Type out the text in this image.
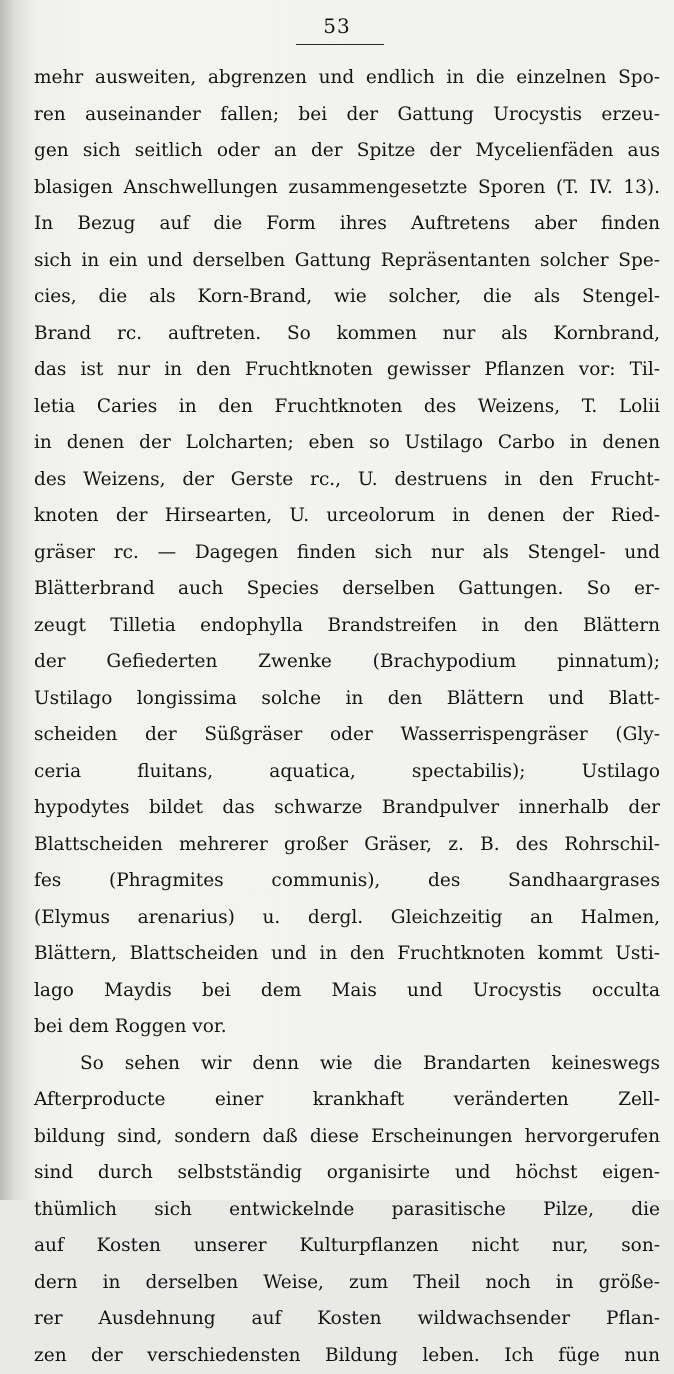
53
mehr ausweiten, abgrenzen und endlich in die einzelnen Spo-
ren auseinander fallen; bei der Gattung Urocystis erzeu-
gen sich seitlich oder an der Spitze der Mycelienfäden aus
blasigen Anschwellungen zusammengesetzte Sporen (T. IV. 13).
In Bezug auf die Form ihres Auftretens aber finden
sich in ein und derselben Gattung Repräsentanten solcher Spe-
cies, die als Korn-Brand, wie solcher, die als Stengel-
Brand rc. auftreten. So kommen nur als Kornbrand,
das ist nur in den Fruchtknoten gewisser Pflanzen vor: Til-
letia Caries in den Fruchtknoten des Weizens, T. Lolii
in denen der Lolcharten; eben so Ustilago Carbo in denen
des Weizens, der Gerste rc., U. destruens in den Frucht-
knoten der Hirsearten, U. urceolorum in denen der Ried-
gräser rc. — Dagegen finden sich nur als Stengel- und
Blätterbrand auch Species derselben Gattungen. So er-
zeugt Tilletia endophylla Brandstreifen in den Blättern
der Gefiederten Zwenke (Brachypodium pinnatum);
Ustilago longissima solche in den Blättern und Blatt-
scheiden der Süßgräser oder Wasserrispengräser (Gly-
ceria fluitans, aquatica, spectabilis); Ustilago
hypodytes bildet das schwarze Brandpulver innerhalb der
Blattscheiden mehrerer großer Gräser, z. B. des Rohrschil-
fes (Phragmites communis), des Sandhaargrases
(Elymus arenarius) u. dergl. Gleichzeitig an Halmen,
Blättern, Blattscheiden und in den Fruchtknoten kommt Usti-
lago Maydis bei dem Mais und Urocystis occulta
bei dem Roggen vor.
So sehen wir denn wie die Brandarten keineswegs
Afterproducte einer krankhaft veränderten Zell-
bildung sind, sondern daß diese Erscheinungen hervorgerufen
sind durch selbstständig organisirte und höchst eigen-
thümlich sich entwickelnde parasitische Pilze, die
auf Kosten unserer Kulturpflanzen nicht nur, son-
dern in derselben Weise, zum Theil noch in größe-
rer Ausdehnung auf Kosten wildwachsender Pflan-
zen der verschiedensten Bildung leben. Ich füge nun
